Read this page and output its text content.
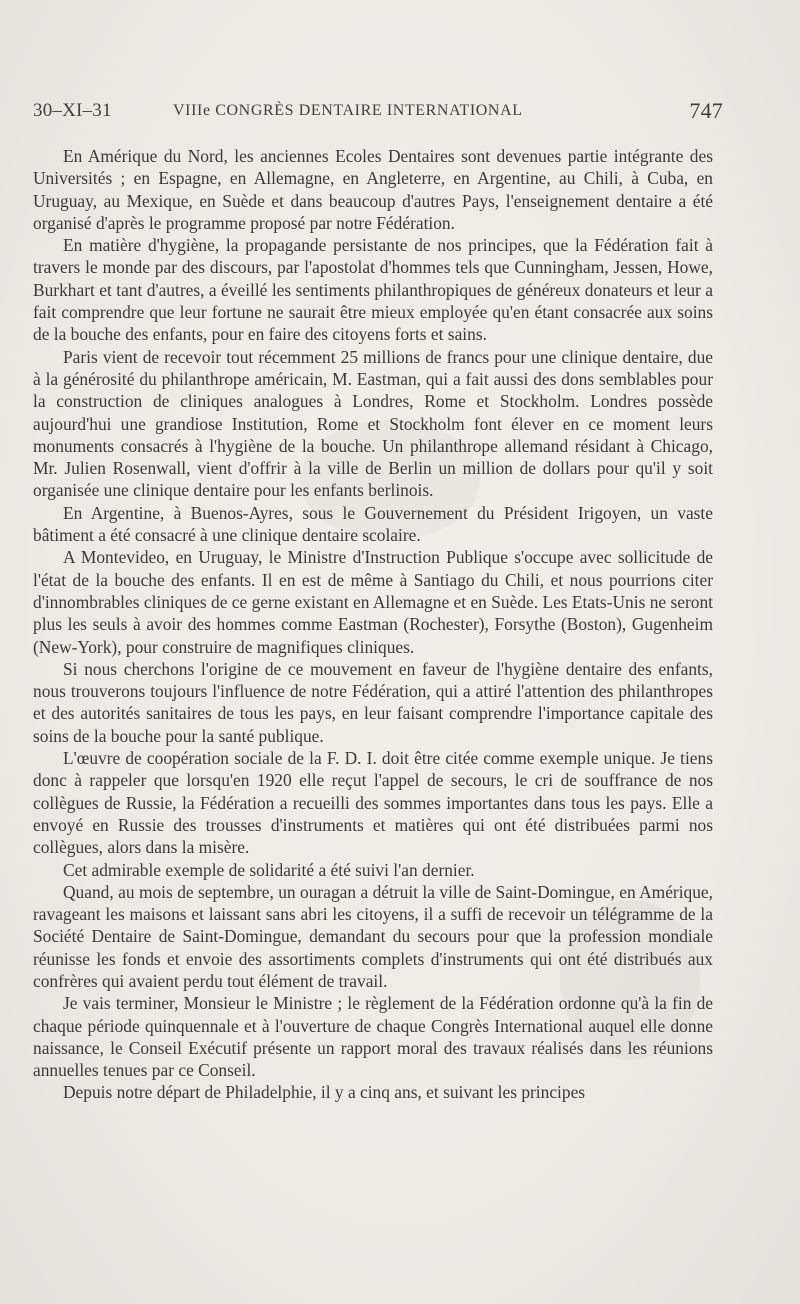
30–XI–31	VIIIe CONGRÈS DENTAIRE INTERNATIONAL	747

En Amérique du Nord, les anciennes Ecoles Dentaires sont devenues partie intégrante des Universités ; en Espagne, en Allemagne, en Angleterre, en Argentine, au Chili, à Cuba, en Uruguay, au Mexique, en Suède et dans beaucoup d'autres Pays, l'enseignement dentaire a été organisé d'après le programme proposé par notre Fédération.

En matière d'hygiène, la propagande persistante de nos principes, que la Fédération fait à travers le monde par des discours, par l'apostolat d'hommes tels que Cunningham, Jessen, Howe, Burkhart et tant d'autres, a éveillé les sentiments philanthropiques de généreux donateurs et leur a fait comprendre que leur fortune ne saurait être mieux employée qu'en étant consacrée aux soins de la bouche des enfants, pour en faire des citoyens forts et sains.

Paris vient de recevoir tout récemment 25 millions de francs pour une clinique dentaire, due à la générosité du philanthrope américain, M. Eastman, qui a fait aussi des dons semblables pour la construction de cliniques analogues à Londres, Rome et Stockholm. Londres possède aujourd'hui une grandiose Institution, Rome et Stockholm font élever en ce moment leurs monuments consacrés à l'hygiène de la bouche. Un philanthrope allemand résidant à Chicago, Mr. Julien Rosenwall, vient d'offrir à la ville de Berlin un million de dollars pour qu'il y soit organisée une clinique dentaire pour les enfants berlinois.

En Argentine, à Buenos-Ayres, sous le Gouvernement du Président Irigoyen, un vaste bâtiment a été consacré à une clinique dentaire scolaire.

A Montevideo, en Uruguay, le Ministre d'Instruction Publique s'occupe avec sollicitude de l'état de la bouche des enfants. Il en est de même à Santiago du Chili, et nous pourrions citer d'innombrables cliniques de ce gerne existant en Allemagne et en Suède. Les Etats-Unis ne seront plus les seuls à avoir des hommes comme Eastman (Rochester), Forsythe (Boston), Gugenheim (New-York), pour construire de magnifiques cliniques.

Si nous cherchons l'origine de ce mouvement en faveur de l'hygiène dentaire des enfants, nous trouverons toujours l'influence de notre Fédération, qui a attiré l'attention des philanthropes et des autorités sanitaires de tous les pays, en leur faisant comprendre l'importance capitale des soins de la bouche pour la santé publique.

L'œuvre de coopération sociale de la F. D. I. doit être citée comme exemple unique. Je tiens donc à rappeler que lorsqu'en 1920 elle reçut l'appel de secours, le cri de souffrance de nos collègues de Russie, la Fédération a recueilli des sommes importantes dans tous les pays. Elle a envoyé en Russie des trousses d'instruments et matières qui ont été distribuées parmi nos collègues, alors dans la misère.

Cet admirable exemple de solidarité a été suivi l'an dernier.

Quand, au mois de septembre, un ouragan a détruit la ville de Saint-Domingue, en Amérique, ravageant les maisons et laissant sans abri les citoyens, il a suffi de recevoir un télégramme de la Société Dentaire de Saint-Domingue, demandant du secours pour que la profession mondiale réunisse les fonds et envoie des assortiments complets d'instruments qui ont été distribués aux confrères qui avaient perdu tout élément de travail.

Je vais terminer, Monsieur le Ministre ; le règlement de la Fédération ordonne qu'à la fin de chaque période quinquennale et à l'ouverture de chaque Congrès International auquel elle donne naissance, le Conseil Exécutif présente un rapport moral des travaux réalisés dans les réunions annuelles tenues par ce Conseil.

Depuis notre départ de Philadelphie, il y a cinq ans, et suivant les principes
